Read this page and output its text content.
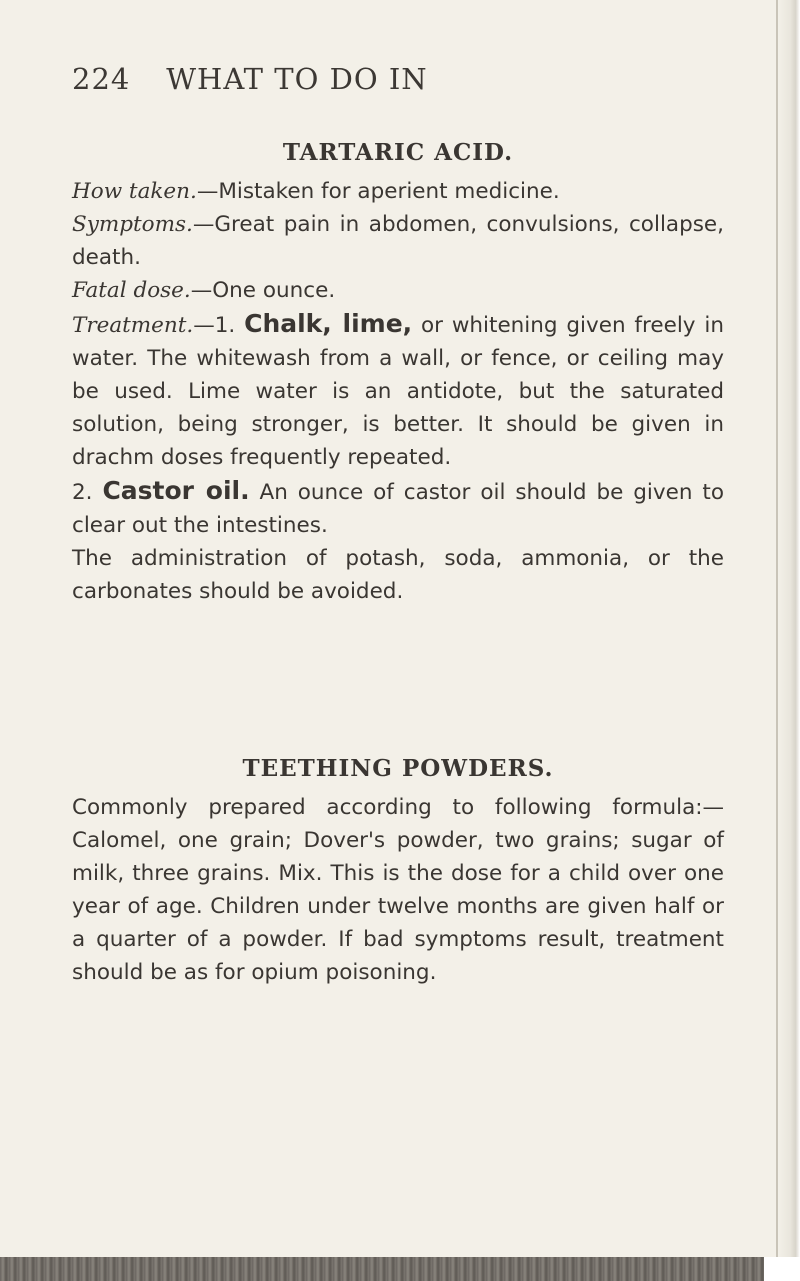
224 WHAT TO DO IN
TARTARIC ACID.

How taken.—Mistaken for aperient medicine.

Symptoms.—Great pain in abdomen, convulsions, collapse, death.

Fatal dose.—One ounce.

Treatment.—1. Chalk, lime, or whitening given freely in water. The whitewash from a wall, or fence, or ceiling may be used. Lime water is an antidote, but the saturated solution, being stronger, is better. It should be given in drachm doses frequently repeated.

2. Castor oil. An ounce of castor oil should be given to clear out the intestines.

The administration of potash, soda, ammonia, or the carbonates should be avoided.

TEETHING POWDERS.

Commonly prepared according to following formula:—Calomel, one grain; Dover's powder, two grains; sugar of milk, three grains. Mix. This is the dose for a child over one year of age. Children under twelve months are given half or a quarter of a powder. If bad symptoms result, treatment should be as for opium poisoning.
